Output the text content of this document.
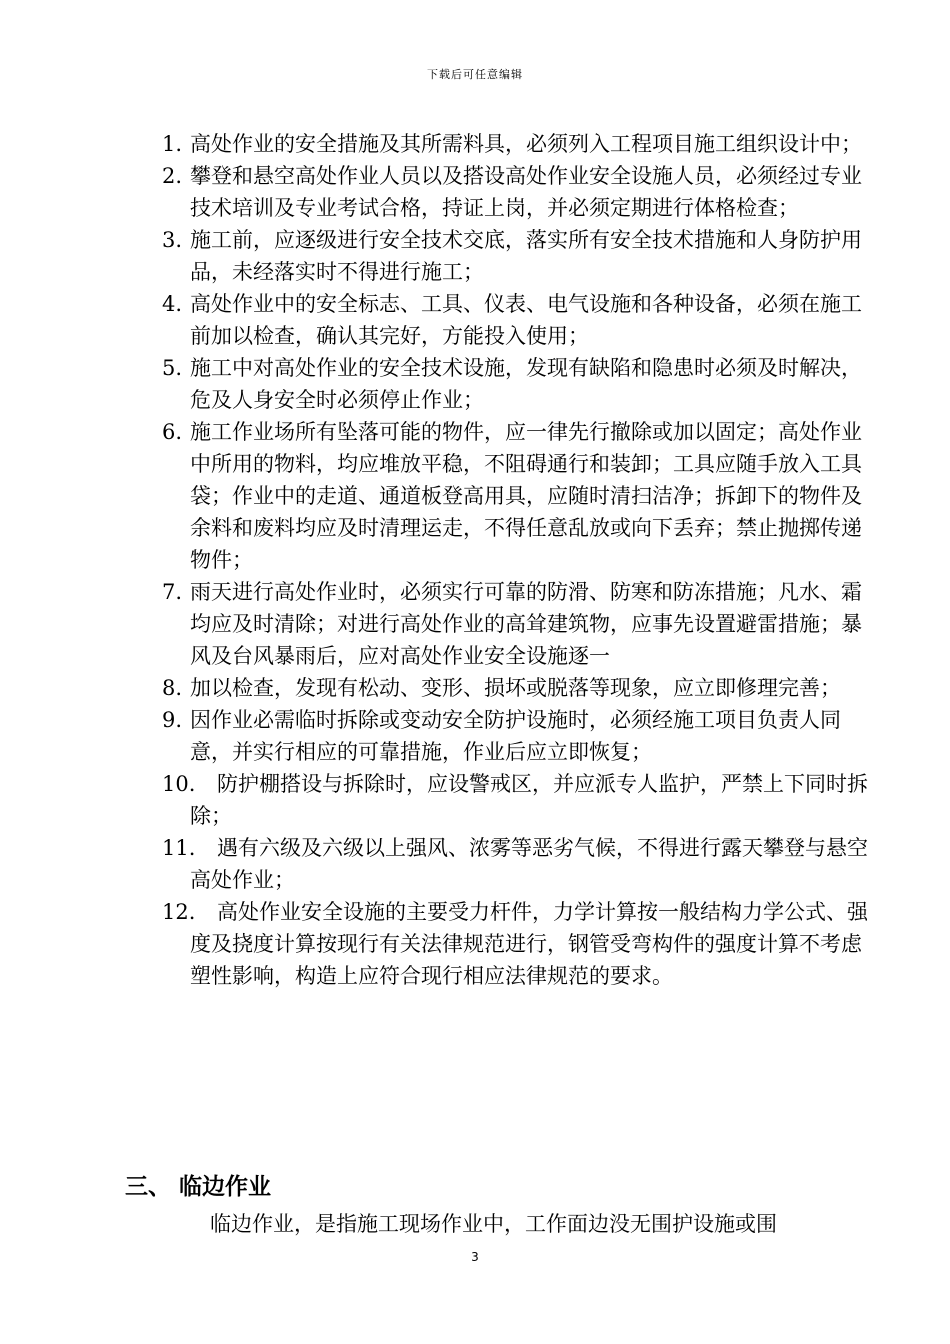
下载后可任意编辑
1. 高处作业的安全措施及其所需料具，必须列入工程项目施工组织设计中；
2. 攀登和悬空高处作业人员以及搭设高处作业安全设施人员，必须经过专业技术培训及专业考试合格，持证上岗，并必须定期进行体格检查；
3. 施工前，应逐级进行安全技术交底，落实所有安全技术措施和人身防护用品，未经落实时不得进行施工；
4. 高处作业中的安全标志、工具、仪表、电气设施和各种设备，必须在施工前加以检查，确认其完好，方能投入使用；
5. 施工中对高处作业的安全技术设施，发现有缺陷和隐患时必须及时解决，危及人身安全时必须停止作业；
6. 施工作业场所有坠落可能的物件，应一律先行撤除或加以固定；高处作业中所用的物料，均应堆放平稳，不阻碍通行和装卸；工具应随手放入工具袋；作业中的走道、通道板登高用具，应随时清扫洁净；拆卸下的物件及余料和废料均应及时清理运走，不得任意乱放或向下丢弃；禁止抛掷传递物件；
7. 雨天进行高处作业时，必须实行可靠的防滑、防寒和防冻措施；凡水、霜均应及时清除；对进行高处作业的高耸建筑物，应事先设置避雷措施；暴风及台风暴雨后，应对高处作业安全设施逐一
8. 加以检查，发现有松动、变形、损坏或脱落等现象，应立即修理完善；
9. 因作业必需临时拆除或变动安全防护设施时，必须经施工项目负责人同意，并实行相应的可靠措施，作业后应立即恢复；
10.	防护棚搭设与拆除时，应设警戒区，并应派专人监护，严禁上下同时拆除；
11.	遇有六级及六级以上强风、浓雾等恶劣气候，不得进行露天攀登与悬空高处作业；
12.	高处作业安全设施的主要受力杆件，力学计算按一般结构力学公式、强度及挠度计算按现行有关法律规范进行，钢管受弯构件的强度计算不考虑塑性影响，构造上应符合现行相应法律规范的要求。
三、 临边作业
临边作业，是指施工现场作业中，工作面边没无围护设施或围
3
